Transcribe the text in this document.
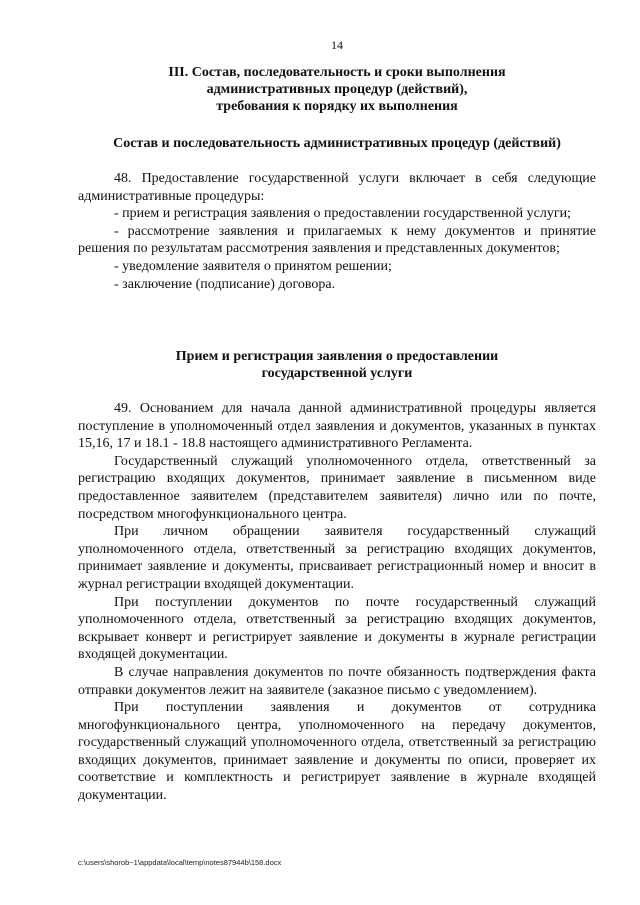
14

III. Состав, последовательность и сроки выполнения

административных процедур (действий),

требования к порядку их выполнения

Состав и последовательность административных процедур (действий)

48. Предоставление государственной услуги включает в себя следующие административные процедуры:

- прием и регистрация заявления о предоставлении государственной услуги;

- рассмотрение заявления и прилагаемых к нему документов и принятие решения по результатам рассмотрения заявления и представленных документов;

- уведомление заявителя о принятом решении;

- заключение (подписание) договора.

Прием и регистрация заявления о предоставлении

государственной услуги

49. Основанием для начала данной административной процедуры является поступление в уполномоченный отдел заявления и документов, указанных в пунктах 15,16, 17 и 18.1 - 18.8 настоящего административного Регламента.

Государственный служащий уполномоченного отдела, ответственный за регистрацию входящих документов, принимает заявление в письменном виде предоставленное заявителем (представителем заявителя) лично или по почте, посредством многофункционального центра.

При личном обращении заявителя государственный служащий уполномоченного отдела, ответственный за регистрацию входящих документов, принимает заявление и документы, присваивает регистрационный номер и вносит в журнал регистрации входящей документации.

При поступлении документов по почте государственный служащий уполномоченного отдела, ответственный за регистрацию входящих документов, вскрывает конверт и регистрирует заявление и документы в журнале регистрации входящей документации.

В случае направления документов по почте обязанность подтверждения факта отправки документов лежит на заявителе (заказное письмо с уведомлением).

При поступлении заявления и документов от сотрудника многофункционального центра, уполномоченного на передачу документов, государственный служащий уполномоченного отдела, ответственный за регистрацию входящих документов, принимает заявление и документы по описи, проверяет их соответствие и комплектность и регистрирует заявление в журнале входящей документации.

c:\users\shorob~1\appdata\local\temp\notes87944b\158.docx
